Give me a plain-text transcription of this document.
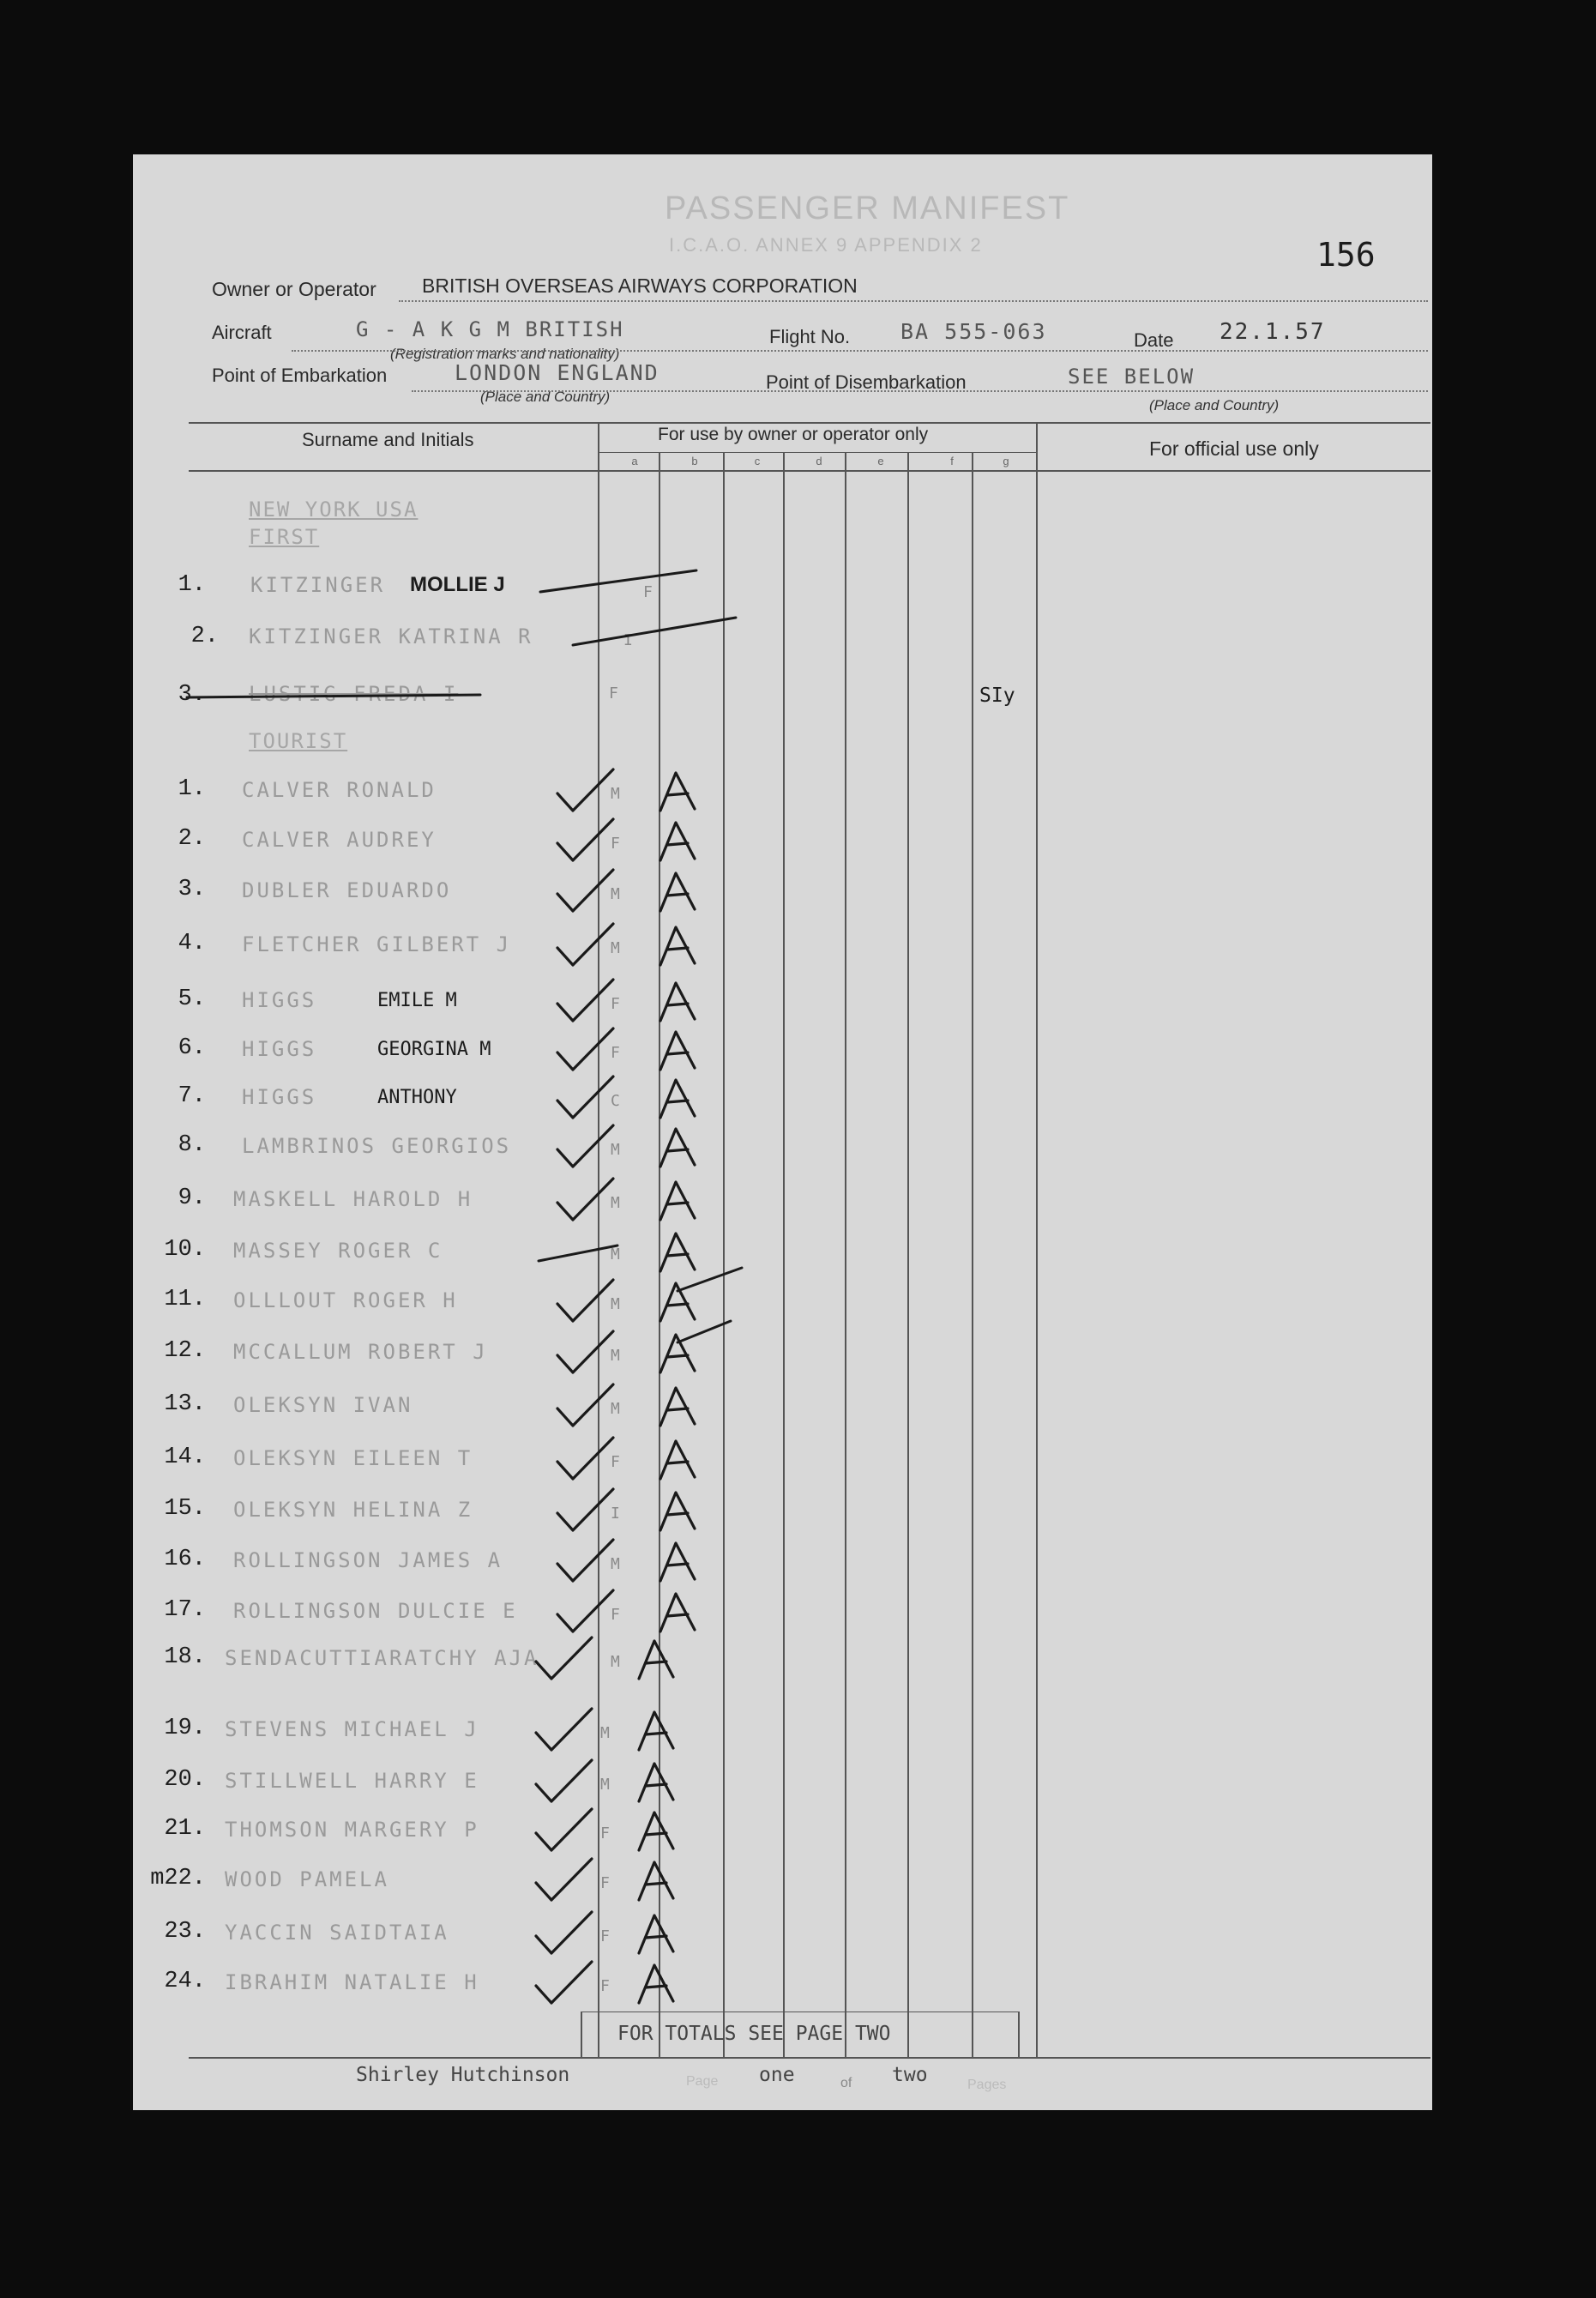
PASSENGER MANIFEST
I.C.A.O. ANNEX 9 APPENDIX 2	156
Owner or Operator BRITISH OVERSEAS AIRWAYS CORPORATION
Aircraft	G - A K G M BRITISH
(Registration marks and nationality)
Flight No. BA 555-063	Date 22.1.57
Point of Embarkation	LONDON ENGLAND
(Place and Country)
Point of Disembarkation	SEE BELOW
(Place and Country)
Surname and Initials	For use by owner or operator only
For official use only
a	b	c	d	e	f	g
NEW YORK USA
FIRST
TOURIST
1. KITZINGER MOLLIE J	F
2. KITZINGER KATRINA R	I
3. LUSTIG FREDA I	F	SIy
1. CALVER RONALD	M
2. CALVER AUDREY	F
3. DUBLER EDUARDO	M
4. FLETCHER GILBERT J	M
5. HIGGS	EMILE M	F
6. HIGGS	GEORGINA M	F
7. HIGGS	ANTHONY	C
8. LAMBRINOS GEORGIOS	M
9. MASKELL HAROLD H	M
10. MASSEY ROGER C	M
11. OLLLOUT ROGER H	M
12. MCCALLUM ROBERT J	M
13. OLEKSYN IVAN	M
14. OLEKSYN EILEEN T	F
15. OLEKSYN HELINA Z	I
16. ROLLINGSON JAMES A	M
17. ROLLINGSON DULCIE E	F
18. SENDACUTTIARATCHY AJA	M
19. STEVENS MICHAEL J	M
20. STILLWELL HARRY E	M
21. THOMSON MARGERY P	F
m22. WOOD PAMELA	F
23. YACCIN SAIDTAIA	F
24. IBRAHIM NATALIE H	F
FOR TOTALS SEE PAGE TWO
Shirley Hutchinson	Page one	of two	Pages
